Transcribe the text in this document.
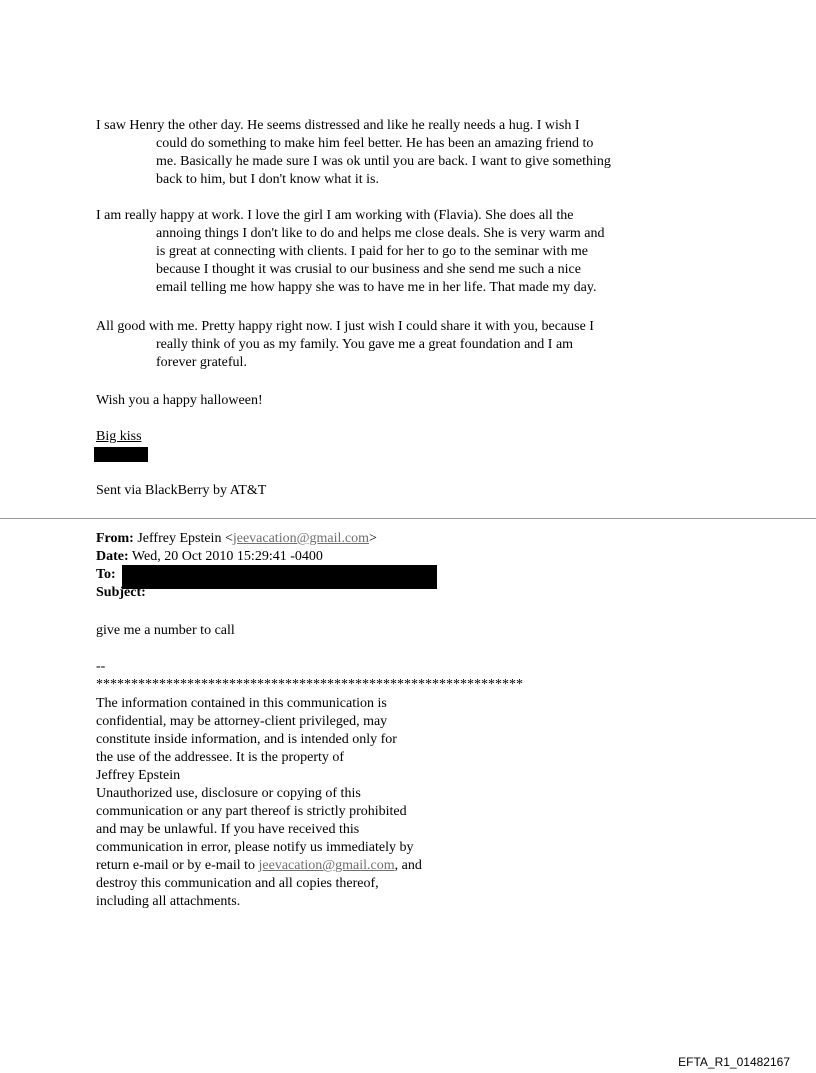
I saw Henry the other day. He seems distressed and like he really needs a hug. I wish I
could do something to make him feel better. He has been an amazing friend to
me. Basically he made sure I was ok until you are back. I want to give something
back to him, but I don't know what it is.

I am really happy at work. I love the girl I am working with (Flavia). She does all the
annoing things I don't like to do and helps me close deals. She is very warm and
is great at connecting with clients. I paid for her to go to the seminar with me
because I thought it was crusial to our business and she send me such a nice
email telling me how happy she was to have me in her life. That made my day.

All good with me. Pretty happy right now. I just wish I could share it with you, because I
really think of you as my family. You gave me a great foundation and I am
forever grateful.

Wish you a happy halloween!
Big kiss
Sent via BlackBerry by AT&T
From: Jeffrey Epstein <jeevacation@gmail.com>
Date: Wed, 20 Oct 2010 15:29:41 -0400
To:
Subject:
give me a number to call
--
*************************************************************
The information contained in this communication is
confidential, may be attorney-client privileged, may
constitute inside information, and is intended only for
the use of the addressee. It is the property of
Jeffrey Epstein
Unauthorized use, disclosure or copying of this
communication or any part thereof is strictly prohibited
and may be unlawful. If you have received this
communication in error, please notify us immediately by
return e-mail or by e-mail to jeevacation@gmail.com, and
destroy this communication and all copies thereof,
including all attachments.
EFTA_R1_01482167
